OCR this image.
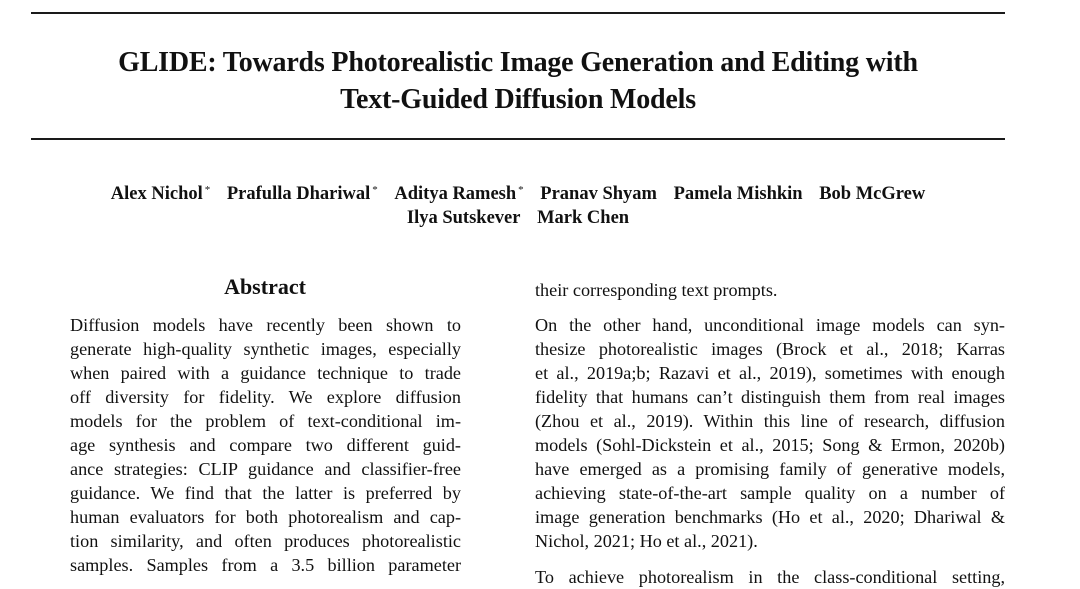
GLIDE: Towards Photorealistic Image Generation and Editing with
Text-Guided Diffusion Models
Alex Nichol * Prafulla Dhariwal * Aditya Ramesh * Pranav Shyam Pamela Mishkin Bob McGrew
Ilya Sutskever Mark Chen
Abstract
Diffusion models have recently been shown to
generate high-quality synthetic images, especially
when paired with a guidance technique to trade
off diversity for fidelity. We explore diffusion
models for the problem of text-conditional im-
age synthesis and compare two different guid-
ance strategies: CLIP guidance and classifier-free
guidance. We find that the latter is preferred by
human evaluators for both photorealism and cap-
tion similarity, and often produces photorealistic
samples. Samples from a 3.5 billion parameter
their corresponding text prompts.
On the other hand, unconditional image models can syn-
thesize photorealistic images (Brock et al., 2018; Karras
et al., 2019a;b; Razavi et al., 2019), sometimes with enough
fidelity that humans can’t distinguish them from real images
(Zhou et al., 2019). Within this line of research, diffusion
models (Sohl-Dickstein et al., 2015; Song & Ermon, 2020b)
have emerged as a promising family of generative models,
achieving state-of-the-art sample quality on a number of
image generation benchmarks (Ho et al., 2020; Dhariwal &
Nichol, 2021; Ho et al., 2021).
To achieve photorealism in the class-conditional setting,
